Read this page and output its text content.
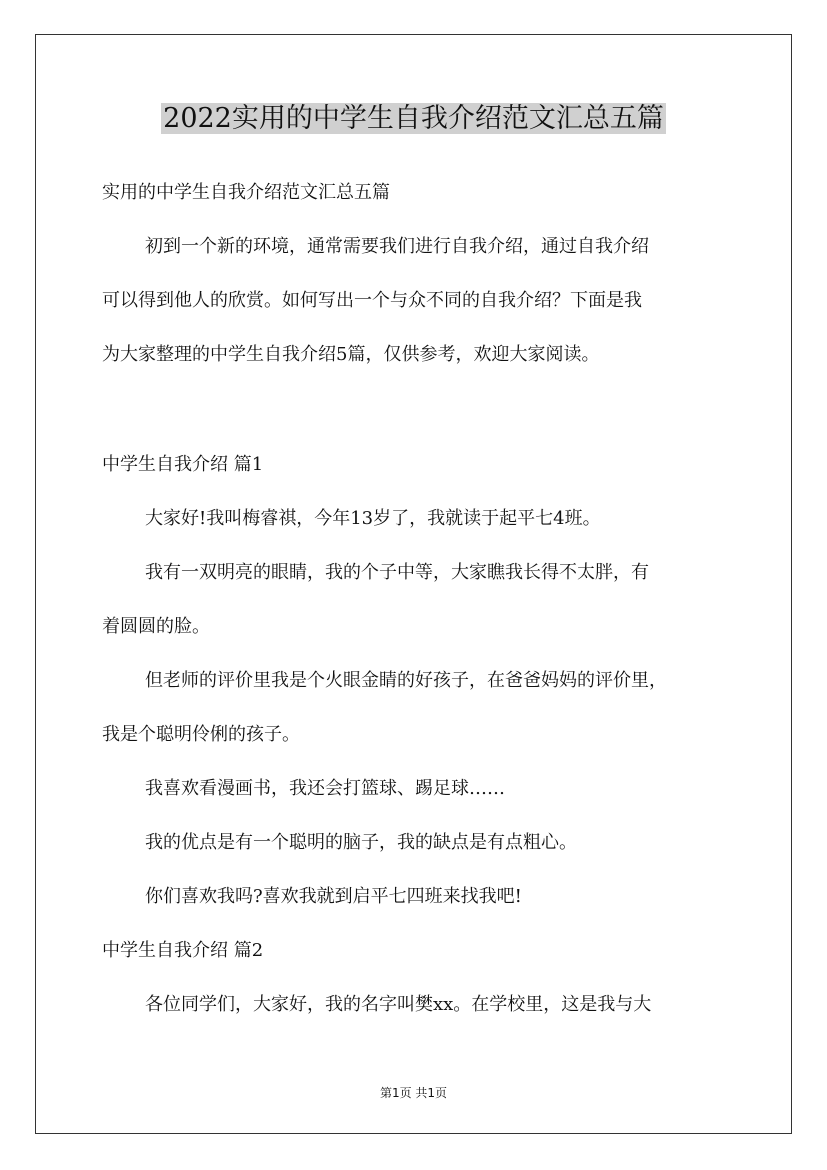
2022实用的中学生自我介绍范文汇总五篇
实用的中学生自我介绍范文汇总五篇
初到一个新的环境，通常需要我们进行自我介绍，通过自我介绍
可以得到他人的欣赏。如何写出一个与众不同的自我介绍？下面是我
为大家整理的中学生自我介绍5篇，仅供参考，欢迎大家阅读。
中学生自我介绍 篇1
大家好!我叫梅睿祺，今年13岁了，我就读于起平七4班。
我有一双明亮的眼睛，我的个子中等，大家瞧我长得不太胖，有
着圆圆的脸。
但老师的评价里我是个火眼金睛的好孩子，在爸爸妈妈的评价里，
我是个聪明伶俐的孩子。
我喜欢看漫画书，我还会打篮球、踢足球……
我的优点是有一个聪明的脑子，我的缺点是有点粗心。
你们喜欢我吗?喜欢我就到启平七四班来找我吧!
中学生自我介绍 篇2
各位同学们，大家好，我的名字叫樊xx。在学校里，这是我与大
第1页 共1页
